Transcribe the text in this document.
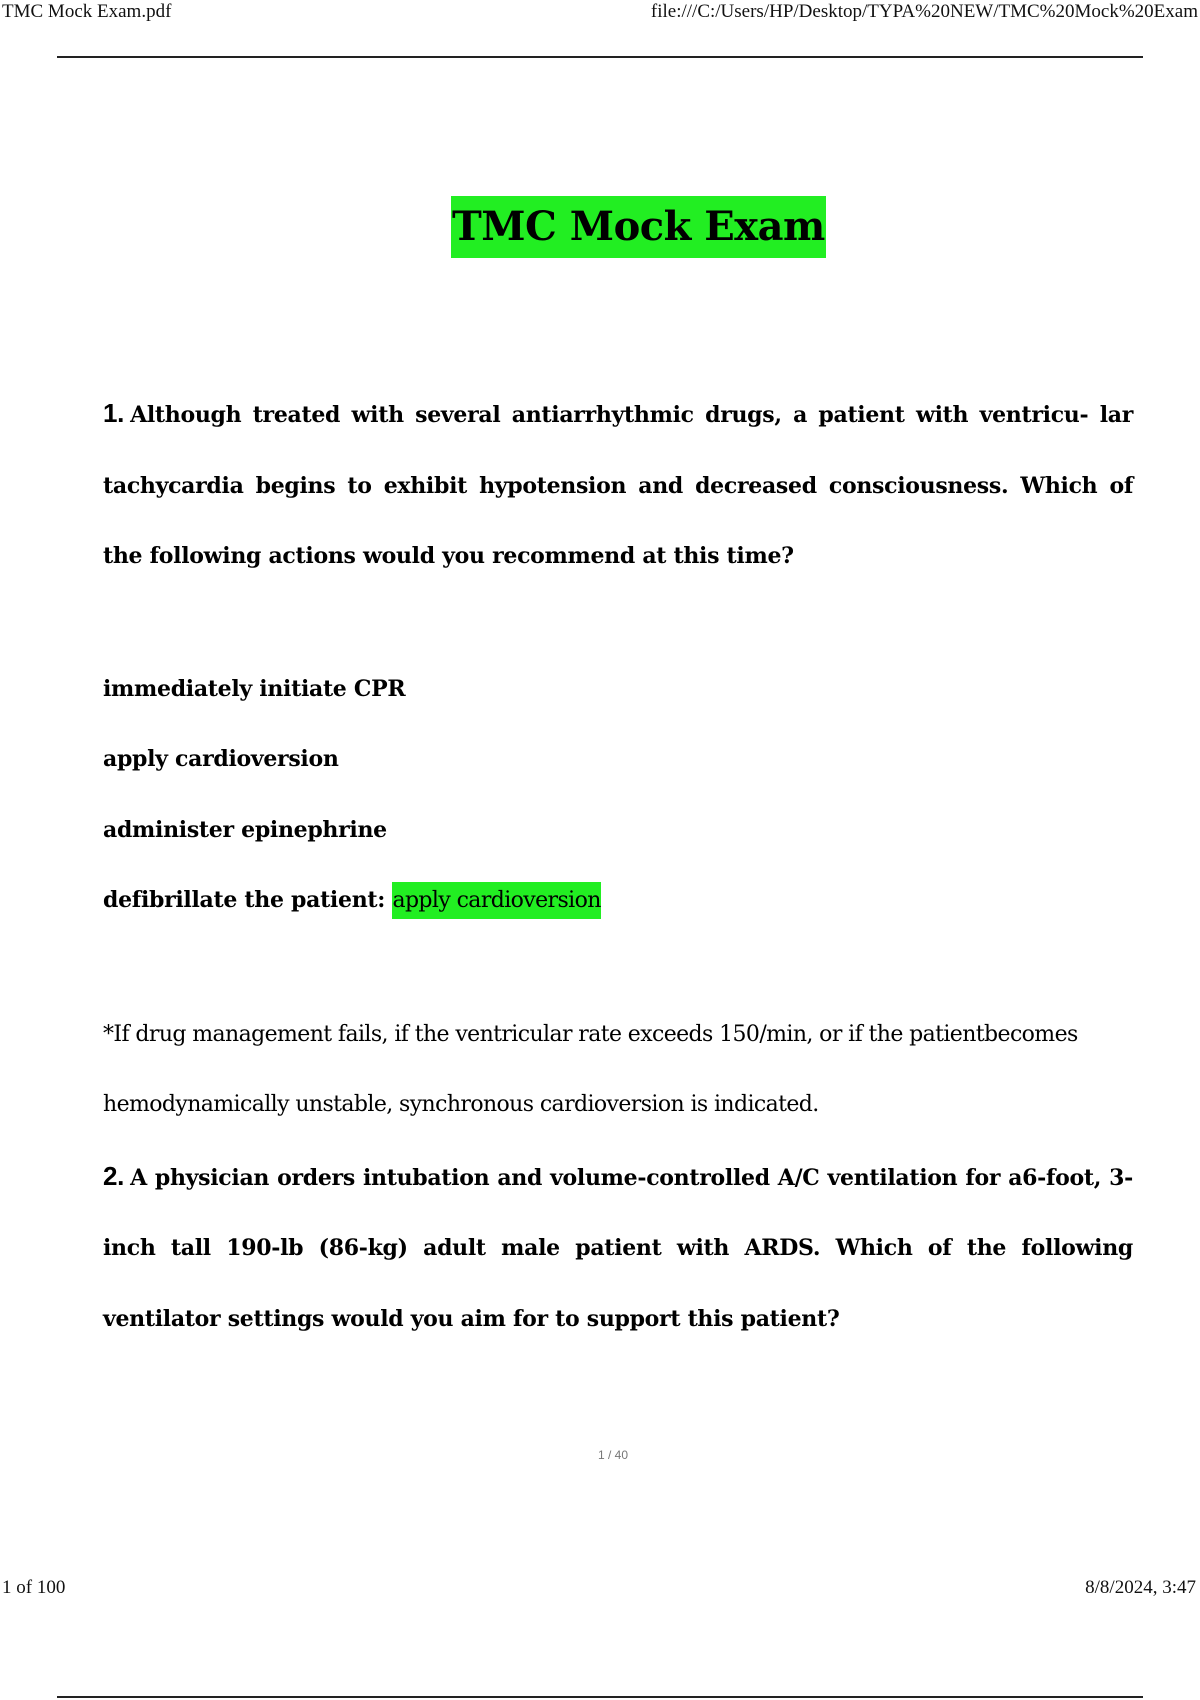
TMC Mock Exam.pdf	file:///C:/Users/HP/Desktop/TYPA%20NEW/TMC%20Mock%20Exam
TMC Mock Exam

1. Although treated with several antiarrhythmic drugs, a patient with ventricu- lar tachycardia begins to exhibit hypotension and decreased consciousness. Which of the following actions would you recommend at this time?

immediately initiate CPR

apply cardioversion

administer epinephrine

defibrillate the patient: apply cardioversion

*If drug management fails, if the ventricular rate exceeds 150/min, or if the patientbecomes hemodynamically unstable, synchronous cardioversion is indicated.

2. A physician orders intubation and volume-controlled A/C ventilation for a6-foot, 3-inch tall 190-lb (86-kg) adult male patient with ARDS. Which of the following ventilator settings would you aim for to support this patient?

1 / 40
1 of 100	8/8/2024, 3:47
